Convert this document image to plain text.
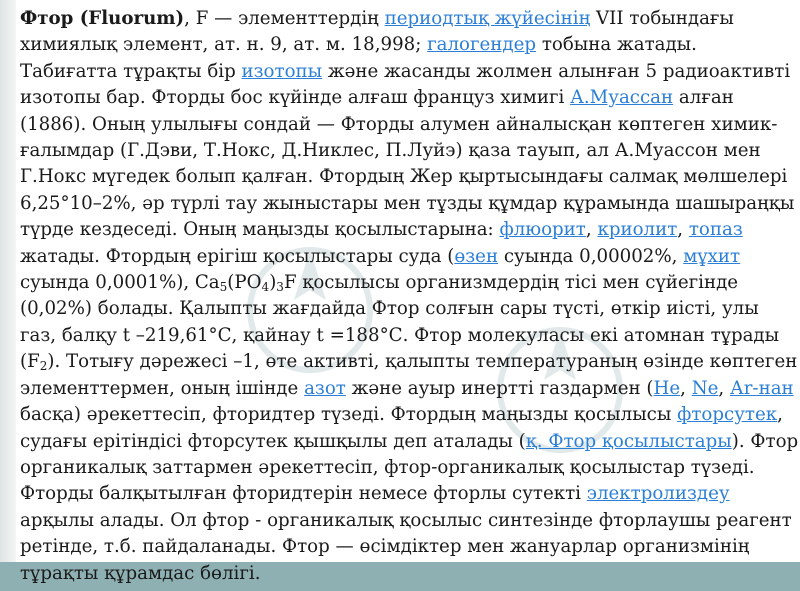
Фтор (Fluorum), F — элементтердің периодтық жүйесінің VII тобындағы химиялық элемент, ат. н. 9, ат. м. 18,998; галогендер тобына жатады. Табиғатта тұрақты бір изотопы және жасанды жолмен алынған 5 радиоактивті изотопы бар. Фторды бос күйінде алғаш француз химигі А.Муассан алған (1886). Оның улылығы сондай — Фторды алумен айналысқан көптеген химик-ғалымдар (Г.Дэви, Т.Нокс, Д.Никлес, П.Луйэ) қаза тауып, ал А.Муассон мен Г.Нокс мүгедек болып қалған. Фтордың Жер қыртысындағы салмақ мөлшелері 6,25°10–2%, әр түрлі тау жыныстары мен тұзды құмдар құрамында шашыраңқы түрде кездеседі. Оның маңызды қосылыстарына: флюорит, криолит, топаз жатады. Фтордың ерігіш қосылыстары суда (өзен суында 0,00002%, мұхит суында 0,0001%), $Ca_5(PO_4)_3F$ қосылысы организмдердің тісі мен сүйегінде (0,02%) болады. Қалыпты жағдайда Фтор солғын сары түсті, өткір иісті, улы газ, балқу t –219,61°С, қайнау t =188°С. Фтор молекуласы екі атомнан тұрады $(F_2)$. Тотығу дәрежесі –1, өте активті, қалыпты температураның өзінде көптеген элементтермен, оның ішінде азот және ауыр инертті газдармен (Не, Nе, Аr-нан басқа) әрекеттесіп, фторидтер түзеді. Фтордың маңызды қосылысы фторсутек, судағы ерітіндісі фторсутек қышқылы деп аталады (қ. Фтор қосылыстары). Фтор органикалық заттармен әрекеттесіп, фтор-органикалық қосылыстар түзеді. Фторды балқытылған фторидтерін немесе фторлы сутекті электролиздеу арқылы алады. Ол фтор - органикалық қосылыс синтезінде фторлаушы реагент ретінде, т.б. пайдаланады. Фтор — өсімдіктер мен жануарлар организмінің тұрақты құрамдас бөлігі.
